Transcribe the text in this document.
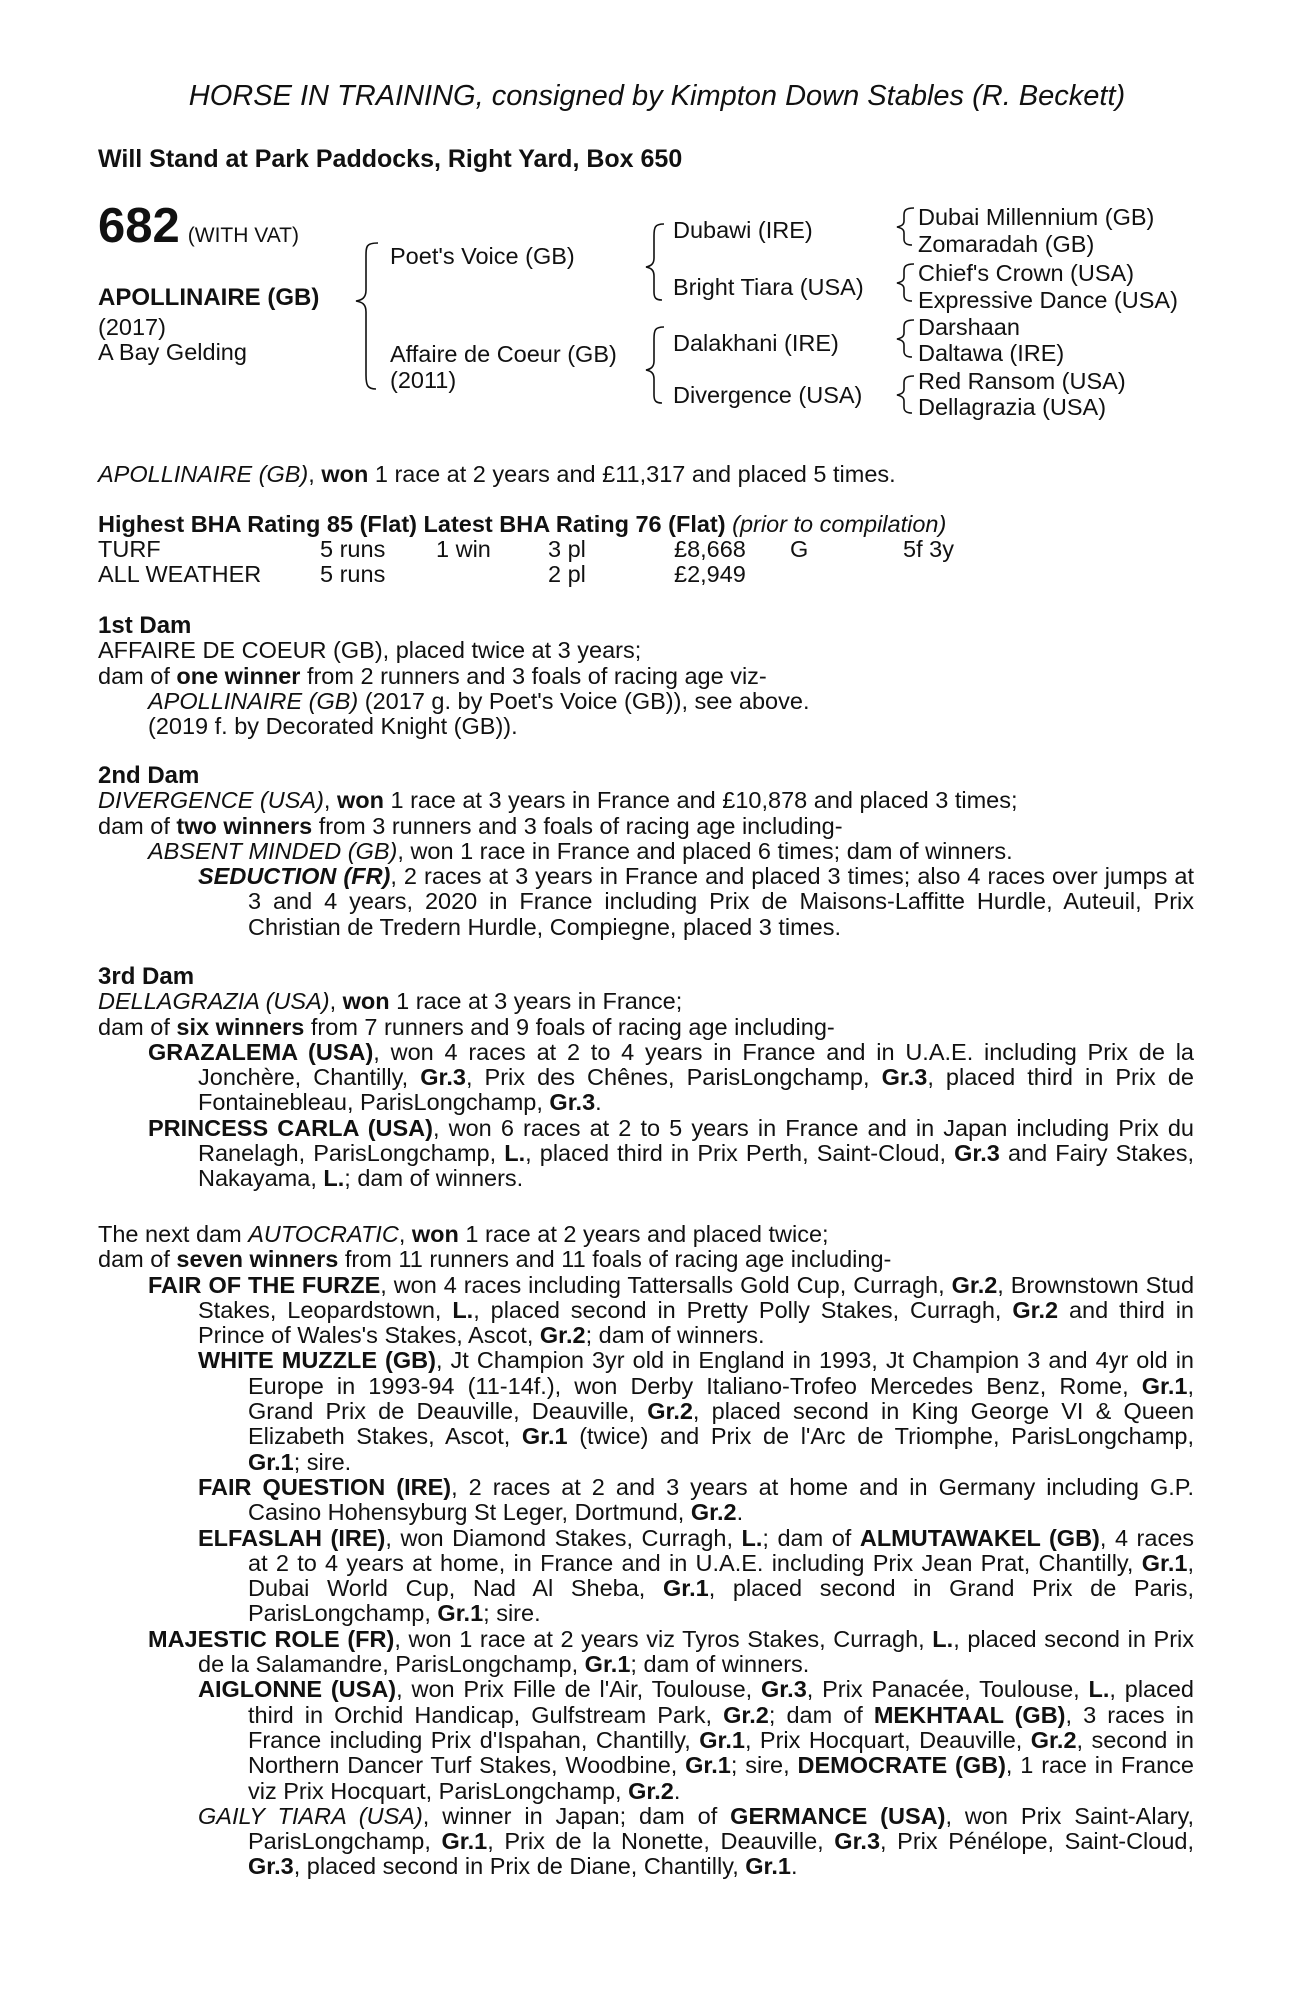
HORSE IN TRAINING, consigned by Kimpton Down Stables (R. Beckett)
Will Stand at Park Paddocks, Right Yard, Box 650
682 (WITH VAT)
APOLLINAIRE (GB)
(2017)
A Bay Gelding
Poet's Voice (GB)
Affaire de Coeur (GB)
(2011)
Dubawi (IRE)
Bright Tiara (USA)
Dalakhani (IRE)
Divergence (USA)
Dubai Millennium (GB)
Zomaradah (GB)
Chief's Crown (USA)
Expressive Dance (USA)
Darshaan
Daltawa (IRE)
Red Ransom (USA)
Dellagrazia (USA)

APOLLINAIRE (GB), won 1 race at 2 years and £11,317 and placed 5 times.

Highest BHA Rating 85 (Flat) Latest BHA Rating 76 (Flat) (prior to compilation)

TURF	5 runs	1 win	3 pl	£8,668	G	5f 3y
ALL WEATHER	5 runs		2 pl	£2,949		

1st Dam

AFFAIRE DE COEUR (GB), placed twice at 3 years;

dam of one winner from 2 runners and 3 foals of racing age viz-

APOLLINAIRE (GB) (2017 g. by Poet's Voice (GB)), see above.

(2019 f. by Decorated Knight (GB)).

2nd Dam

DIVERGENCE (USA), won 1 race at 3 years in France and £10,878 and placed 3 times;

dam of two winners from 3 runners and 3 foals of racing age including-

ABSENT MINDED (GB), won 1 race in France and placed 6 times; dam of winners.

SEDUCTION (FR), 2 races at 3 years in France and placed 3 times; also 4 races over jumps at 3 and 4 years, 2020 in France including Prix de Maisons-Laffitte Hurdle, Auteuil, Prix Christian de Tredern Hurdle, Compiegne, placed 3 times.

3rd Dam

DELLAGRAZIA (USA), won 1 race at 3 years in France;

dam of six winners from 7 runners and 9 foals of racing age including-

GRAZALEMA (USA), won 4 races at 2 to 4 years in France and in U.A.E. including Prix de la Jonchère, Chantilly, Gr.3, Prix des Chênes, ParisLongchamp, Gr.3, placed third in Prix de Fontainebleau, ParisLongchamp, Gr.3.

PRINCESS CARLA (USA), won 6 races at 2 to 5 years in France and in Japan including Prix du Ranelagh, ParisLongchamp, L., placed third in Prix Perth, Saint-Cloud, Gr.3 and Fairy Stakes, Nakayama, L.; dam of winners.

The next dam AUTOCRATIC, won 1 race at 2 years and placed twice;

dam of seven winners from 11 runners and 11 foals of racing age including-

FAIR OF THE FURZE, won 4 races including Tattersalls Gold Cup, Curragh, Gr.2, Brownstown Stud Stakes, Leopardstown, L., placed second in Pretty Polly Stakes, Curragh, Gr.2 and third in Prince of Wales's Stakes, Ascot, Gr.2; dam of winners.

WHITE MUZZLE (GB), Jt Champion 3yr old in England in 1993, Jt Champion 3 and 4yr old in Europe in 1993-94 (11-14f.), won Derby Italiano-Trofeo Mercedes Benz, Rome, Gr.1, Grand Prix de Deauville, Deauville, Gr.2, placed second in King George VI & Queen Elizabeth Stakes, Ascot, Gr.1 (twice) and Prix de l'Arc de Triomphe, ParisLongchamp, Gr.1; sire.

FAIR QUESTION (IRE), 2 races at 2 and 3 years at home and in Germany including G.P. Casino Hohensyburg St Leger, Dortmund, Gr.2.

ELFASLAH (IRE), won Diamond Stakes, Curragh, L.; dam of ALMUTAWAKEL (GB), 4 races at 2 to 4 years at home, in France and in U.A.E. including Prix Jean Prat, Chantilly, Gr.1, Dubai World Cup, Nad Al Sheba, Gr.1, placed second in Grand Prix de Paris, ParisLongchamp, Gr.1; sire.

MAJESTIC ROLE (FR), won 1 race at 2 years viz Tyros Stakes, Curragh, L., placed second in Prix de la Salamandre, ParisLongchamp, Gr.1; dam of winners.

AIGLONNE (USA), won Prix Fille de l'Air, Toulouse, Gr.3, Prix Panacée, Toulouse, L., placed third in Orchid Handicap, Gulfstream Park, Gr.2; dam of MEKHTAAL (GB), 3 races in France including Prix d'Ispahan, Chantilly, Gr.1, Prix Hocquart, Deauville, Gr.2, second in Northern Dancer Turf Stakes, Woodbine, Gr.1; sire, DEMOCRATE (GB), 1 race in France viz Prix Hocquart, ParisLongchamp, Gr.2.

GAILY TIARA (USA), winner in Japan; dam of GERMANCE (USA), won Prix Saint-Alary, ParisLongchamp, Gr.1, Prix de la Nonette, Deauville, Gr.3, Prix Pénélope, Saint-Cloud, Gr.3, placed second in Prix de Diane, Chantilly, Gr.1.
